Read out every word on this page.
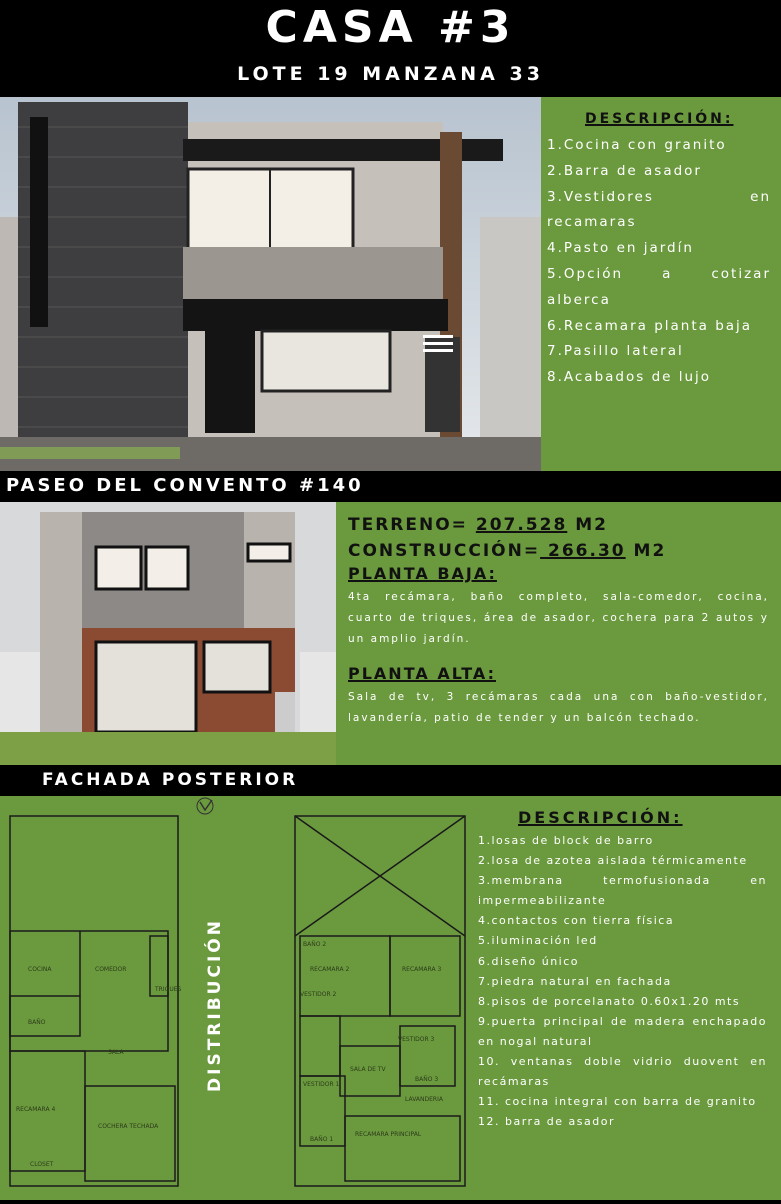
CASA #3
LOTE 19 MANZANA 33
DESCRIPCIÓN:
1.Cocina con granito
2.Barra de asador
3.Vestidores en recamaras
4.Pasto en jardín
5.Opción a cotizar alberca
6.Recamara planta baja
7.Pasillo lateral
8.Acabados de lujo
PASEO DEL CONVENTO #140
TERRENO= 207.528 M2
CONSTRUCCIÓN= 266.30 M2
PLANTA BAJA:

4ta recámara, baño completo, sala-comedor, cocina, cuarto de triques, área de asador, cochera para 2 autos y un amplio jardín.

PLANTA ALTA:

Sala de tv, 3 recámaras cada una con baño-vestidor, lavandería, patio de tender y un balcón techado.

FACHADA POSTERIOR
COCINA	COMEDOR
SALA
BAÑO
RECAMARA 4
COCHERA TECHADA
TRIQUES
CLOSET
RECAMARA 2	RECAMARA 3
SALA DE TV
VESTIDOR 1
VESTIDOR 2
VESTIDOR 3
LAVANDERIA
RECAMARA PRINCIPAL
BAÑO 1
BAÑO 2
BAÑO 3
DISTRIBUCIÓN
DESCRIPCIÓN:
1.losas de block de barro
2.losa de azotea aislada térmicamente
3.membrana termofusionada en impermeabilizante
4.contactos con tierra física
5.iluminación led
6.diseño único
7.piedra natural en fachada
8.pisos de porcelanato 0.60x1.20 mts
9.puerta principal de madera enchapado en nogal natural
10. ventanas doble vidrio duovent en recámaras
11. cocina integral con barra de granito
12. barra de asador
